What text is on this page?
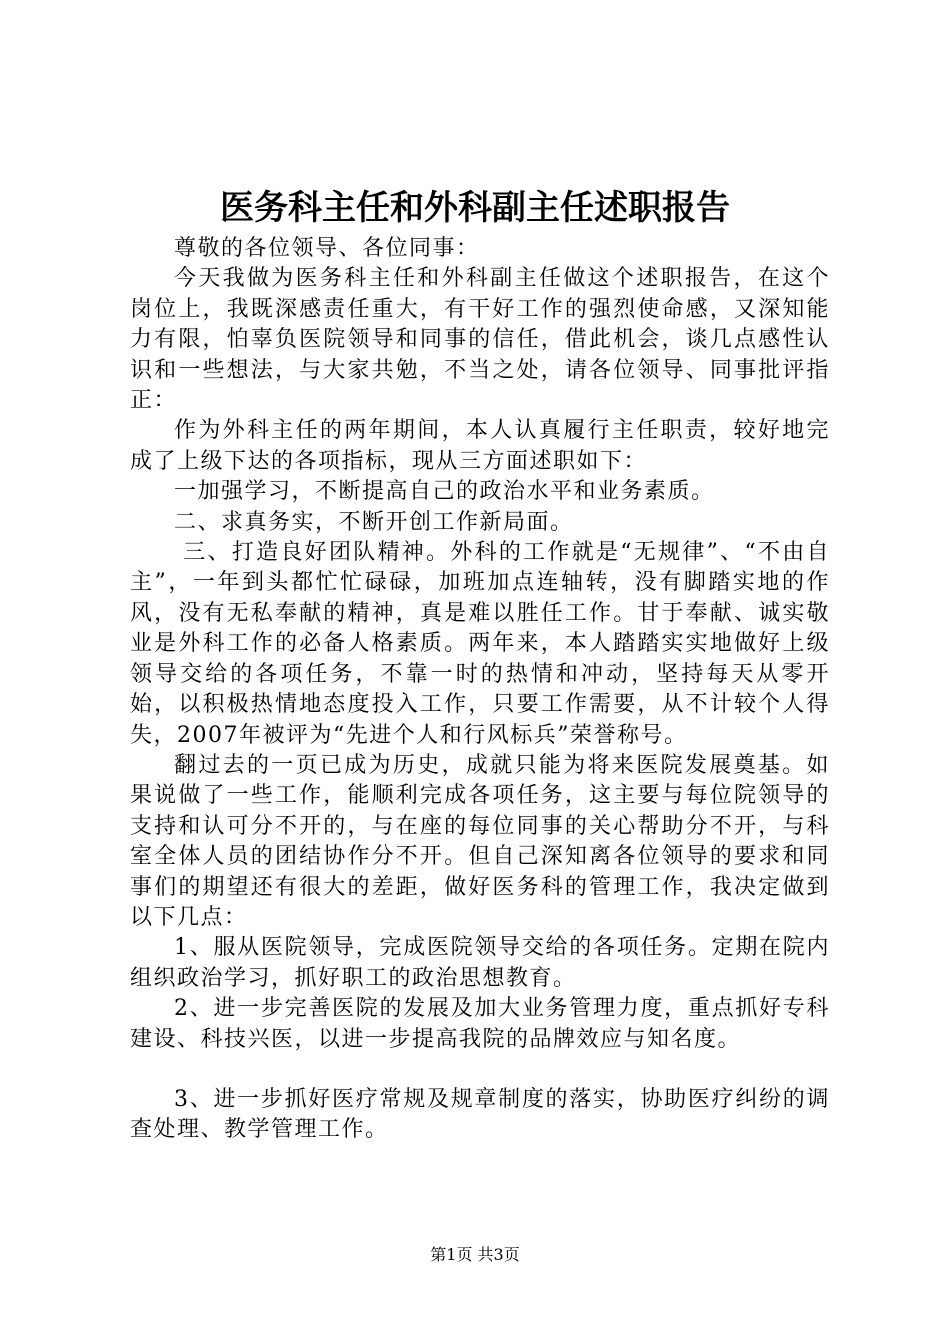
医务科主任和外科副主任述职报告

尊敬的各位领导、各位同事：

今天我做为医务科主任和外科副主任做这个述职报告，在这个岗位上，我既深感责任重大，有干好工作的强烈使命感，又深知能力有限，怕辜负医院领导和同事的信任，借此机会，谈几点感性认识和一些想法，与大家共勉，不当之处，请各位领导、同事批评指正：

作为外科主任的两年期间，本人认真履行主任职责，较好地完成了上级下达的各项指标，现从三方面述职如下：

一加强学习，不断提高自己的政治水平和业务素质。

二、求真务实，不断开创工作新局面。

三、打造良好团队精神。外科的工作就是“无规律”、“不由自主”，一年到头都忙忙碌碌，加班加点连轴转，没有脚踏实地的作风，没有无私奉献的精神，真是难以胜任工作。甘于奉献、诚实敬业是外科工作的必备人格素质。两年来，本人踏踏实实地做好上级领导交给的各项任务，不靠一时的热情和冲动，坚持每天从零开始，以积极热情地态度投入工作，只要工作需要，从不计较个人得失，2007年被评为“先进个人和行风标兵”荣誉称号。

翻过去的一页已成为历史，成就只能为将来医院发展奠基。如果说做了一些工作，能顺利完成各项任务，这主要与每位院领导的支持和认可分不开的，与在座的每位同事的关心帮助分不开，与科室全体人员的团结协作分不开。但自己深知离各位领导的要求和同事们的期望还有很大的差距，做好医务科的管理工作，我决定做到以下几点：

1、服从医院领导，完成医院领导交给的各项任务。定期在院内组织政治学习，抓好职工的政治思想教育。

2、进一步完善医院的发展及加大业务管理力度，重点抓好专科建设、科技兴医，以进一步提高我院的品牌效应与知名度。

3、进一步抓好医疗常规及规章制度的落实，协助医疗纠纷的调查处理、教学管理工作。

第1页 共3页
